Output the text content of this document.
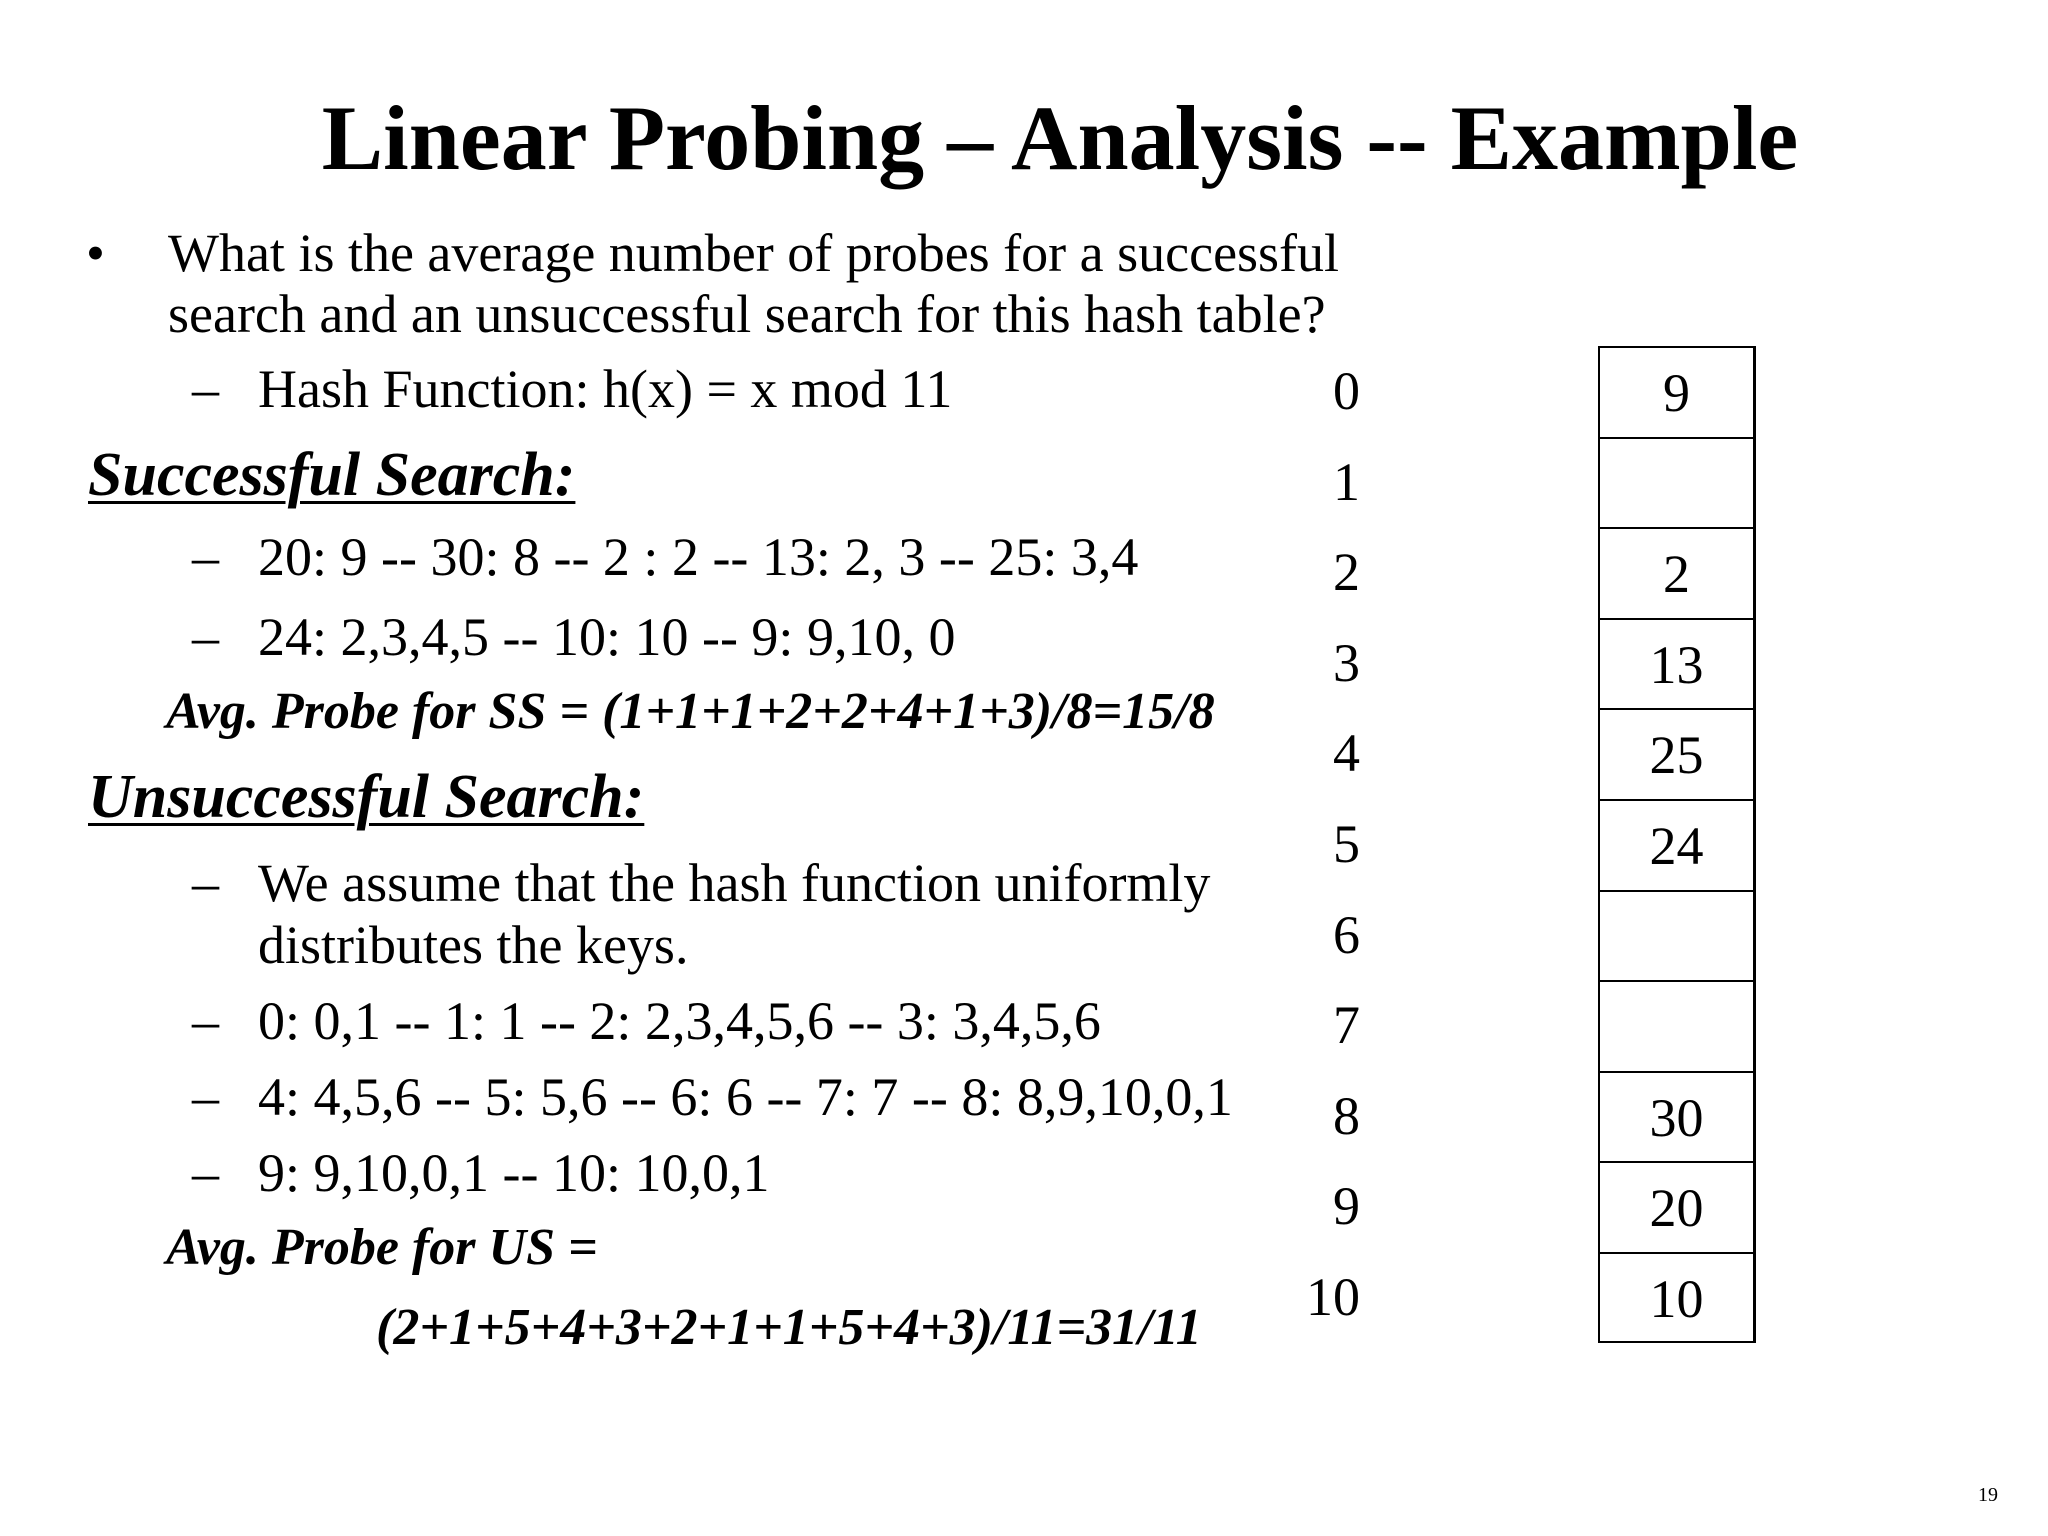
Linear Probing – Analysis -- Example
• What is the average number of probes for a successful
search and an unsuccessful search for this hash table?
– Hash Function: h(x) = x mod 11
Successful Search:
– 20: 9 -- 30: 8 -- 2 : 2 -- 13: 2, 3 -- 25: 3,4
– 24: 2,3,4,5 -- 10: 10 -- 9: 9,10, 0
Avg. Probe for SS = (1+1+1+2+2+4+1+3)/8=15/8
Unsuccessful Search:
– We assume that the hash function uniformly
distributes the keys.
– 0: 0,1 -- 1: 1 -- 2: 2,3,4,5,6 -- 3: 3,4,5,6
– 4: 4,5,6 -- 5: 5,6 -- 6: 6 -- 7: 7 -- 8: 8,9,10,0,1
– 9: 9,10,0,1 -- 10: 10,0,1
Avg. Probe for US =
(2+1+5+4+3+2+1+1+5+4+3)/11=31/11
0	9
1
2	2
3	13
4	25
5	24
6
7
8	30
9	20
10	10
19
